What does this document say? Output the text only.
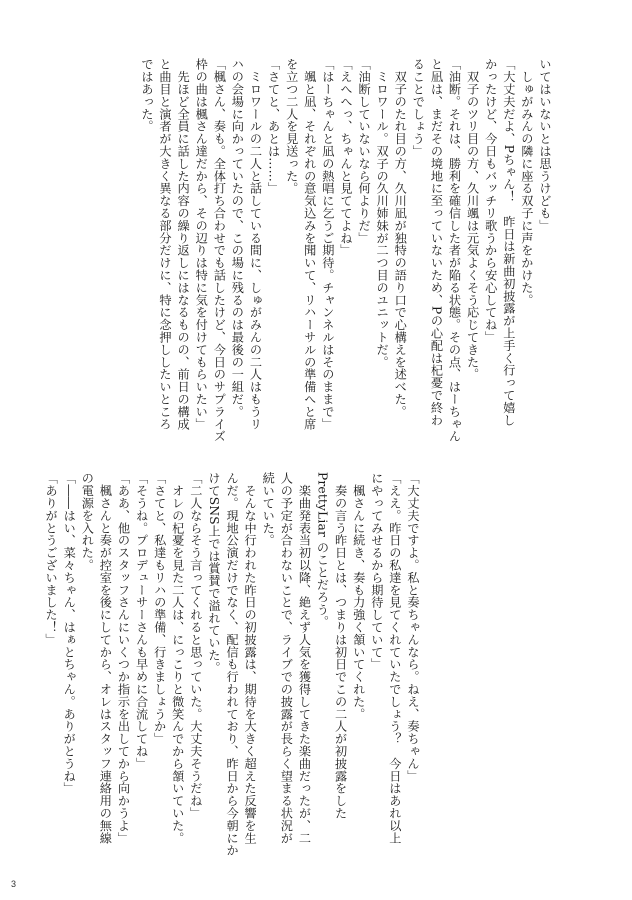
いてはいないとは思うけども」
　しゅがみんの隣に座る双子に声をかけた。
「大丈夫だよ、Pちゃん！　昨日は新曲初披露が上手く行って嬉し
かったけど、今日もバッチリ歌うから安心してね」
　双子のツリ目の方、久川颯は元気よくそう応じてきた。
「油断。それは、勝利を確信した者が陥る状態。その点、はーちゃん
と凪は、まだその境地に至っていないため、Pの心配は杞憂で終わ
ることでしょう」
　双子のたれ目の方、久川凪が独特の語り口で心構えを述べた。
　ミロワール。双子の久川姉妹が二つ目のユニットだ。
「油断していないなら何よりだ」
「えへへっ、ちゃんと見ててよね」
「はーちゃんと凪の熱唱に乞うご期待。チャンネルはそのままで」
　颯と凪、それぞれの意気込みを聞いて、リハーサルの準備へと席
を立つ二人を見送った。
「さてと、あとは……」
　ミロワールの二人と話している間に、しゅがみんの二人はもうリ
ハの会場に向かっていたので、この場に残るのは最後の一組だ。
「楓さん、奏も。全体打ち合わせでも話したけど、今日のサプライズ
枠の曲は楓さん達だから、その辺りは特に気を付けてもらいたい」
　先ほど全員に話した内容の繰り返しにはなるものの、前日の構成
と曲目と演者が大きく異なる部分だけに、特に念押ししたいところ
ではあった。
「大丈夫ですよ。私と奏ちゃんなら。ねえ、奏ちゃん」
「ええ。昨日の私達を見てくれていたでしょう？　今日はあれ以上
にやってみせるから期待していて」
　楓さんに続き、奏も力強く頷いてくれた。
　奏の言う昨日とは、つまりは初日でこの二人が初披露をした
PrettyLiar のことだろう。
　楽曲発表当初以降、絶えず人気を獲得してきた楽曲だったが、二
人の予定が合わないことで、ライブでの披露が長らく望まる状況が
続いていた。
　そんな中行われた昨日の初披露は、期待を大きく超えた反響を生
んだ。現地公演だけでなく、配信も行われており、昨日から今朝にか
けてSNS上では賞賛で溢れていた。
「二人ならそう言ってくれると思っていた。大丈夫そうだね」
　オレの杞憂を見た二人は、にっこりと微笑んでから頷いていた。
「さてと、私達もリハの準備、行きましょうか」
「そうね。プロデューサーさんも早めに合流してね」
「ああ、他のスタッフさんにいくつか指示を出してから向かうよ」
　楓さんと奏が控室を後にしてから、オレはスタッフ連絡用の無線
の電源を入れた。
「――はい、菜々ちゃん、はぁとちゃん。ありがとうね」
「ありがとうございました！」
3
